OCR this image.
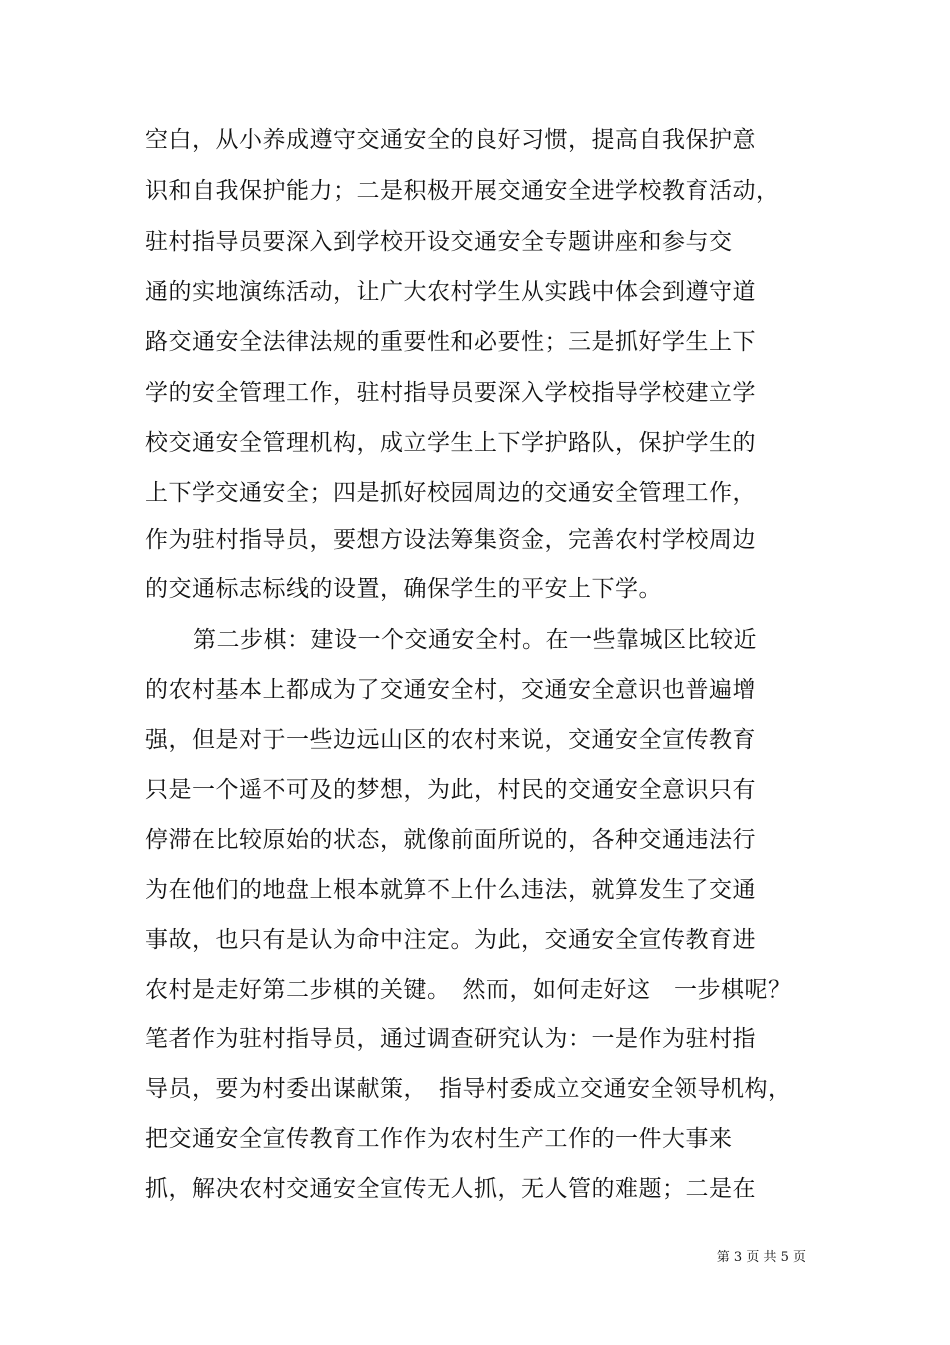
空白，从小养成遵守交通安全的良好习惯，提高自我保护意
识和自我保护能力；二是积极开展交通安全进学校教育活动，
驻村指导员要深入到学校开设交通安全专题讲座和参与交
通的实地演练活动，让广大农村学生从实践中体会到遵守道
路交通安全法律法规的重要性和必要性；三是抓好学生上下
学的安全管理工作，驻村指导员要深入学校指导学校建立学
校交通安全管理机构，成立学生上下学护路队，保护学生的
上下学交通安全；四是抓好校园周边的交通安全管理工作，
作为驻村指导员，要想方设法筹集资金，完善农村学校周边
的交通标志标线的设置，确保学生的平安上下学。
第二步棋：建设一个交通安全村。在一些靠城区比较近
的农村基本上都成为了交通安全村，交通安全意识也普遍增
强，但是对于一些边远山区的农村来说，交通安全宣传教育
只是一个遥不可及的梦想，为此，村民的交通安全意识只有
停滞在比较原始的状态，就像前面所说的，各种交通违法行
为在他们的地盘上根本就算不上什么违法，就算发生了交通
事故，也只有是认为命中注定。为此，交通安全宣传教育进
农村是走好第二步棋的关键。　然而，如何走好这　一步棋呢？
笔者作为驻村指导员，通过调查研究认为：一是作为驻村指
导员，要为村委出谋献策，　指导村委成立交通安全领导机构，
把交通安全宣传教育工作作为农村生产工作的一件大事来
抓，解决农村交通安全宣传无人抓，无人管的难题；二是在
第 3 页 共 5 页
